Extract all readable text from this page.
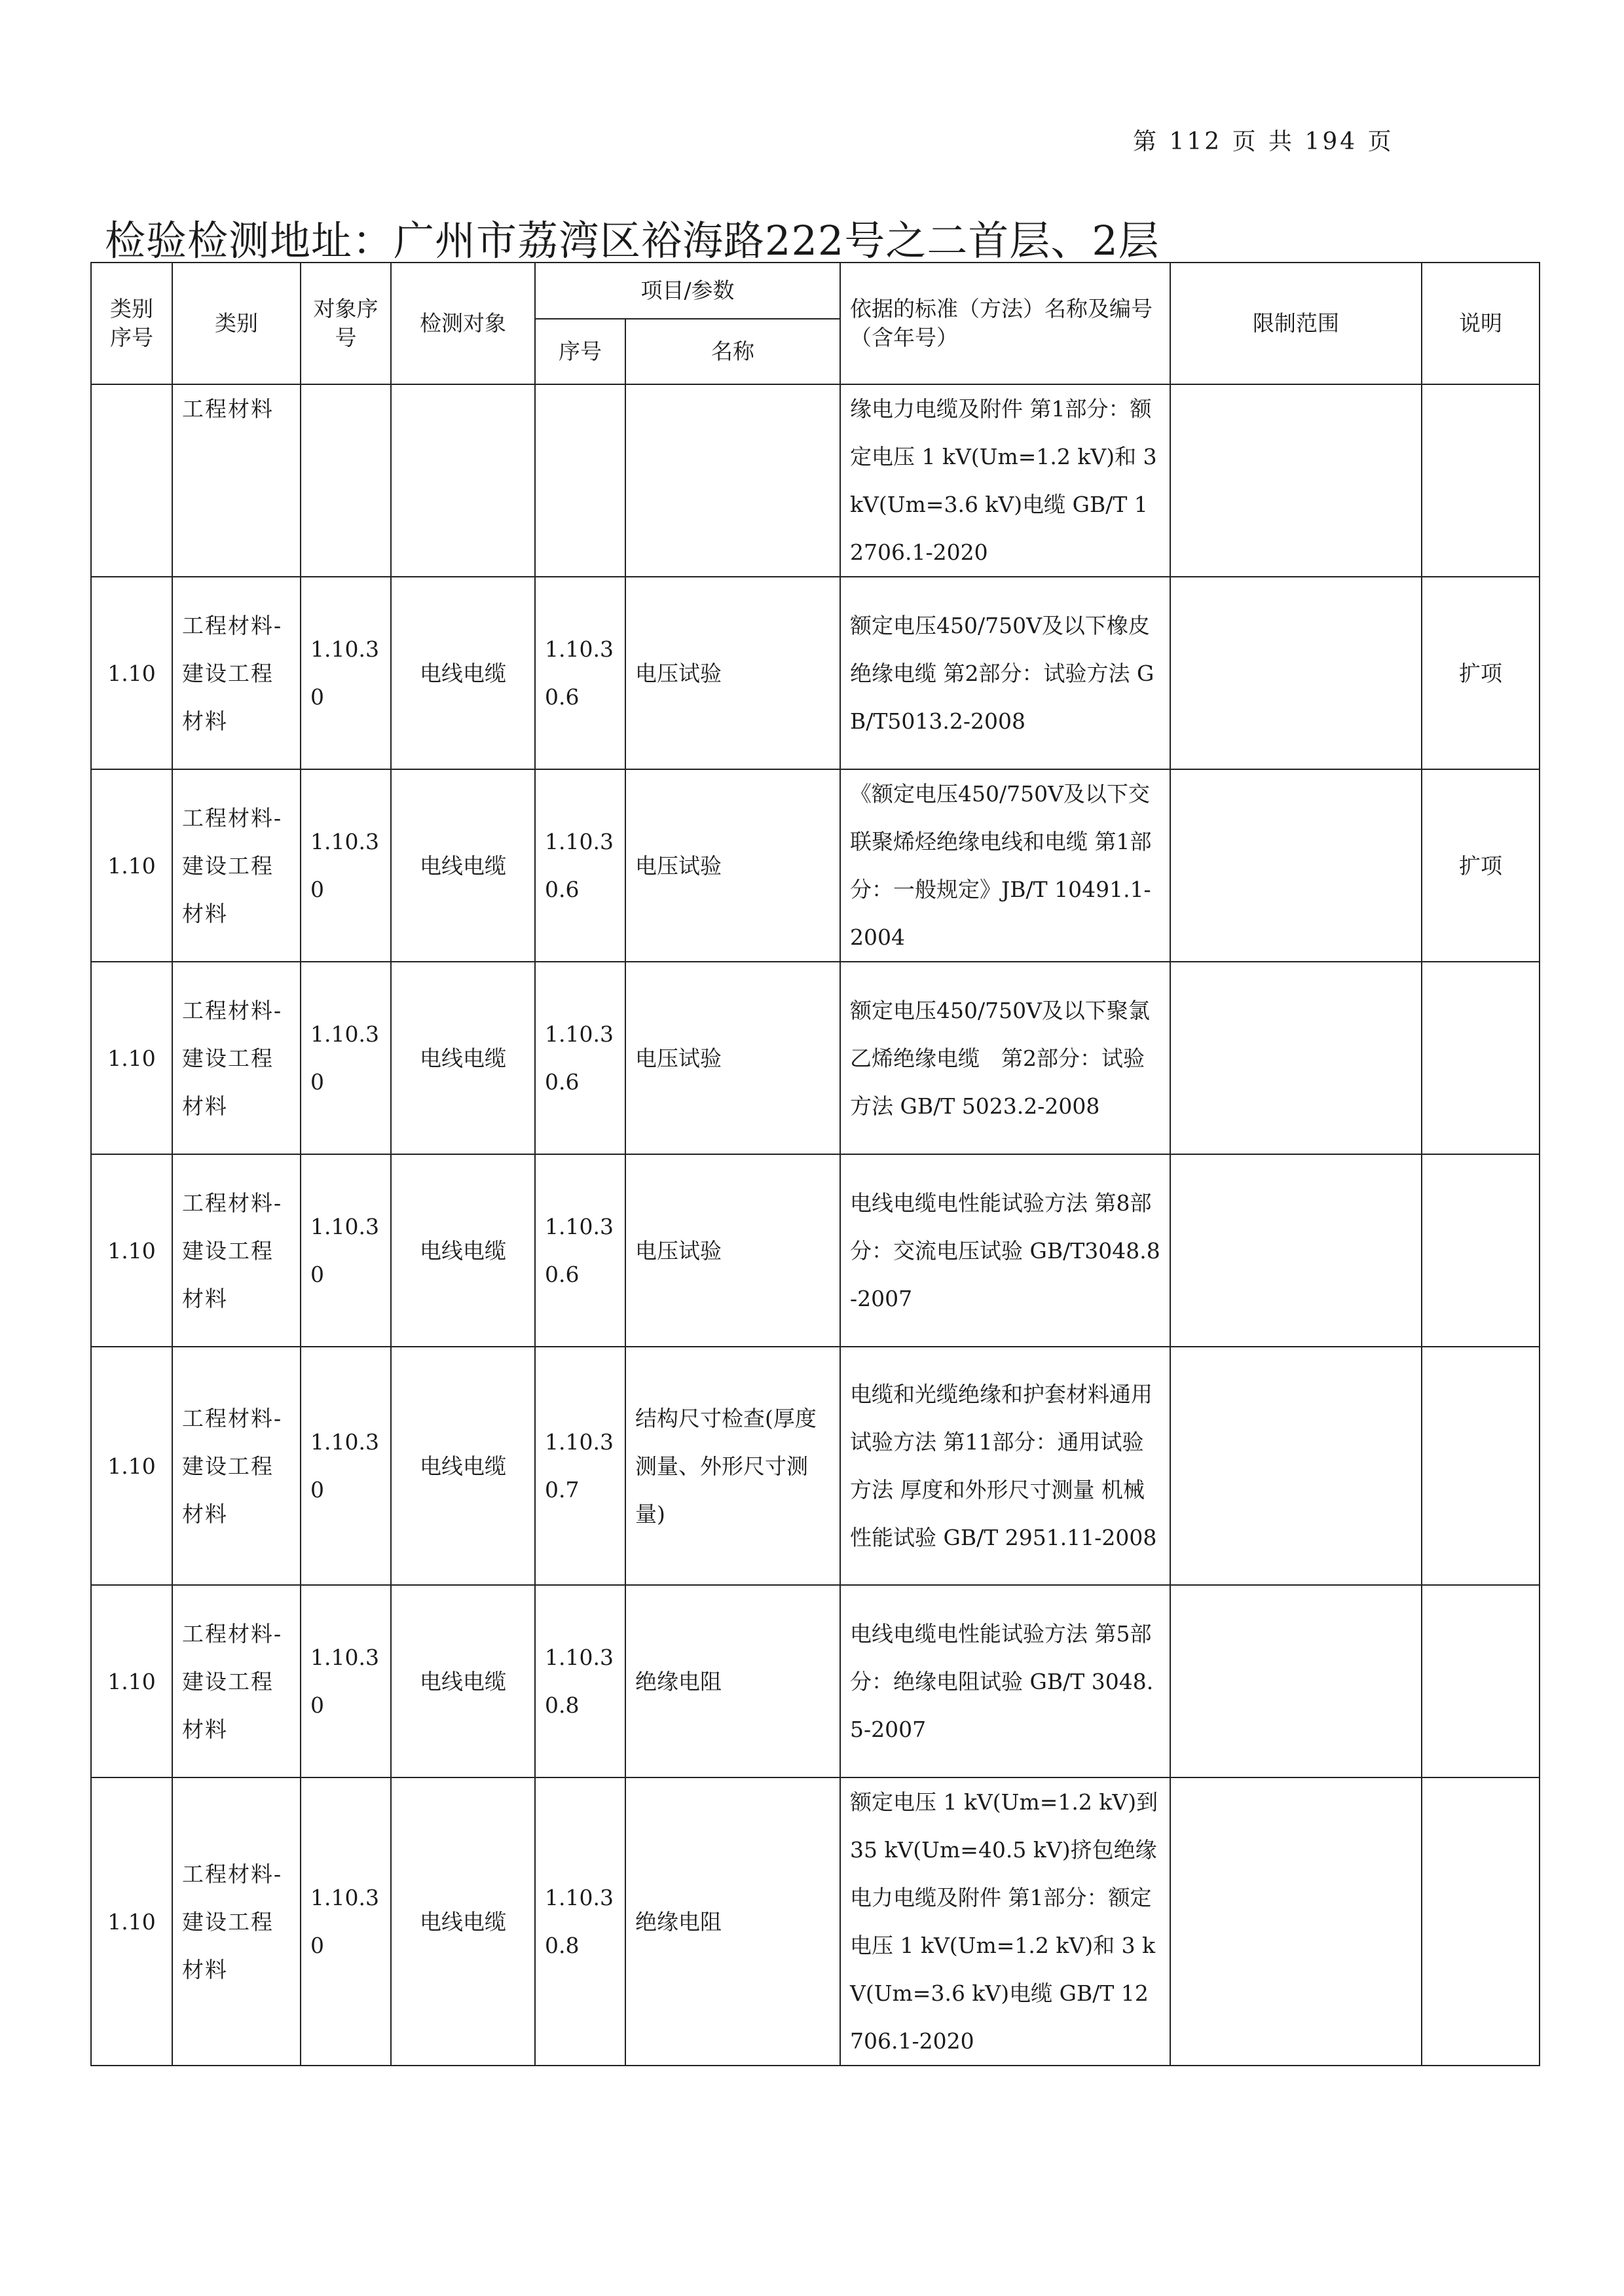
第 112 页 共 194 页
检验检测地址：广州市荔湾区裕海路222号之二首层、2层
类别序号	类别	对象序号	检测对象	项目/参数		依据的标准（方法）名称及编号（含年号）	限制范围	说明
				序号	名称			
	工程材料					缘电力电缆及附件 第1部分：额定电压 1 kV(Um=1.2 kV)和 3 kV(Um=3.6 kV)电缆 GB/T 12706.1-2020		
1.10	工程材料-建设工程材料	1.10.30	电线电缆	1.10.30.6	电压试验	额定电压450/750V及以下橡皮绝缘电缆 第2部分：试验方法 GB/T5013.2-2008		扩项
1.10	工程材料-建设工程材料	1.10.30	电线电缆	1.10.30.6	电压试验	《额定电压450/750V及以下交联聚烯烃绝缘电线和电缆 第1部分：一般规定》JB/T 10491.1-2004		扩项
1.10	工程材料-建设工程材料	1.10.30	电线电缆	1.10.30.6	电压试验	额定电压450/750V及以下聚氯乙烯绝缘电缆　第2部分：试验方法 GB/T 5023.2-2008		
1.10	工程材料-建设工程材料	1.10.30	电线电缆	1.10.30.6	电压试验	电线电缆电性能试验方法 第8部分：交流电压试验 GB/T3048.8-2007		
1.10	工程材料-建设工程材料	1.10.30	电线电缆	1.10.30.7	结构尺寸检查(厚度测量、外形尺寸测量)	电缆和光缆绝缘和护套材料通用试验方法 第11部分：通用试验方法 厚度和外形尺寸测量 机械性能试验 GB/T 2951.11-2008		
1.10	工程材料-建设工程材料	1.10.30	电线电缆	1.10.30.8	绝缘电阻	电线电缆电性能试验方法 第5部分：绝缘电阻试验 GB/T 3048.5-2007		
1.10	工程材料-建设工程材料	1.10.30	电线电缆	1.10.30.8	绝缘电阻	额定电压 1 kV(Um=1.2 kV)到 35 kV(Um=40.5 kV)挤包绝缘电力电缆及附件 第1部分：额定电压 1 kV(Um=1.2 kV)和 3 kV(Um=3.6 kV)电缆 GB/T 12706.1-2020		
